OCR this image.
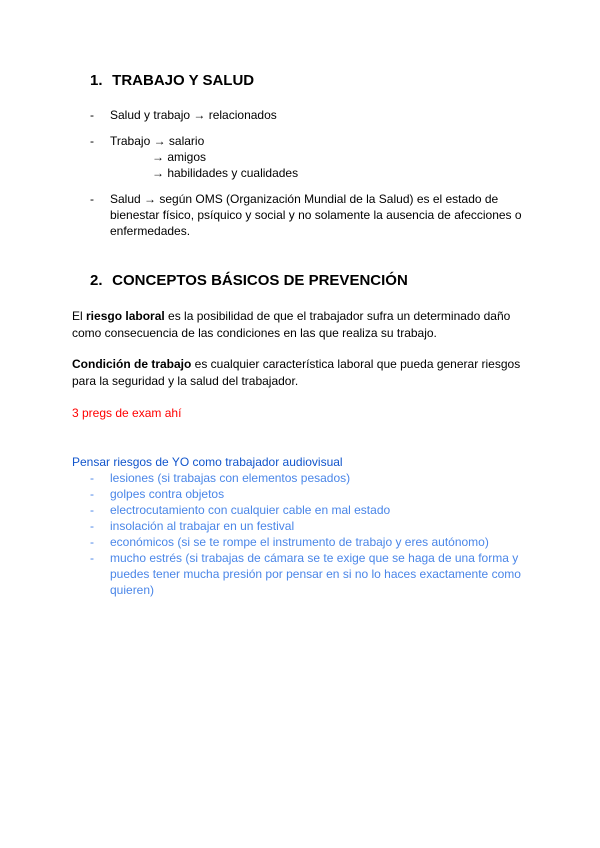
1. TRABAJO Y SALUD
- Salud y trabajo → relacionados
- Trabajo → salario
→ amigos
→ habilidades y cualidades
- Salud → según OMS (Organización Mundial de la Salud) es el estado de bienestar físico, psíquico y social y no solamente la ausencia de afecciones o enfermedades.
2. CONCEPTOS BÁSICOS DE PREVENCIÓN
El riesgo laboral es la posibilidad de que el trabajador sufra un determinado daño como consecuencia de las condiciones en las que realiza su trabajo.
Condición de trabajo es cualquier característica laboral que pueda generar riesgos para la seguridad y la salud del trabajador.
3 pregs de exam ahí
Pensar riesgos de YO como trabajador audiovisual
- lesiones (si trabajas con elementos pesados)
- golpes contra objetos
- electrocutamiento con cualquier cable en mal estado
- insolación al trabajar en un festival
- económicos (si se te rompe el instrumento de trabajo y eres autónomo)
- mucho estrés (si trabajas de cámara se te exige que se haga de una forma y puedes tener mucha presión por pensar en si no lo haces exactamente como quieren)
